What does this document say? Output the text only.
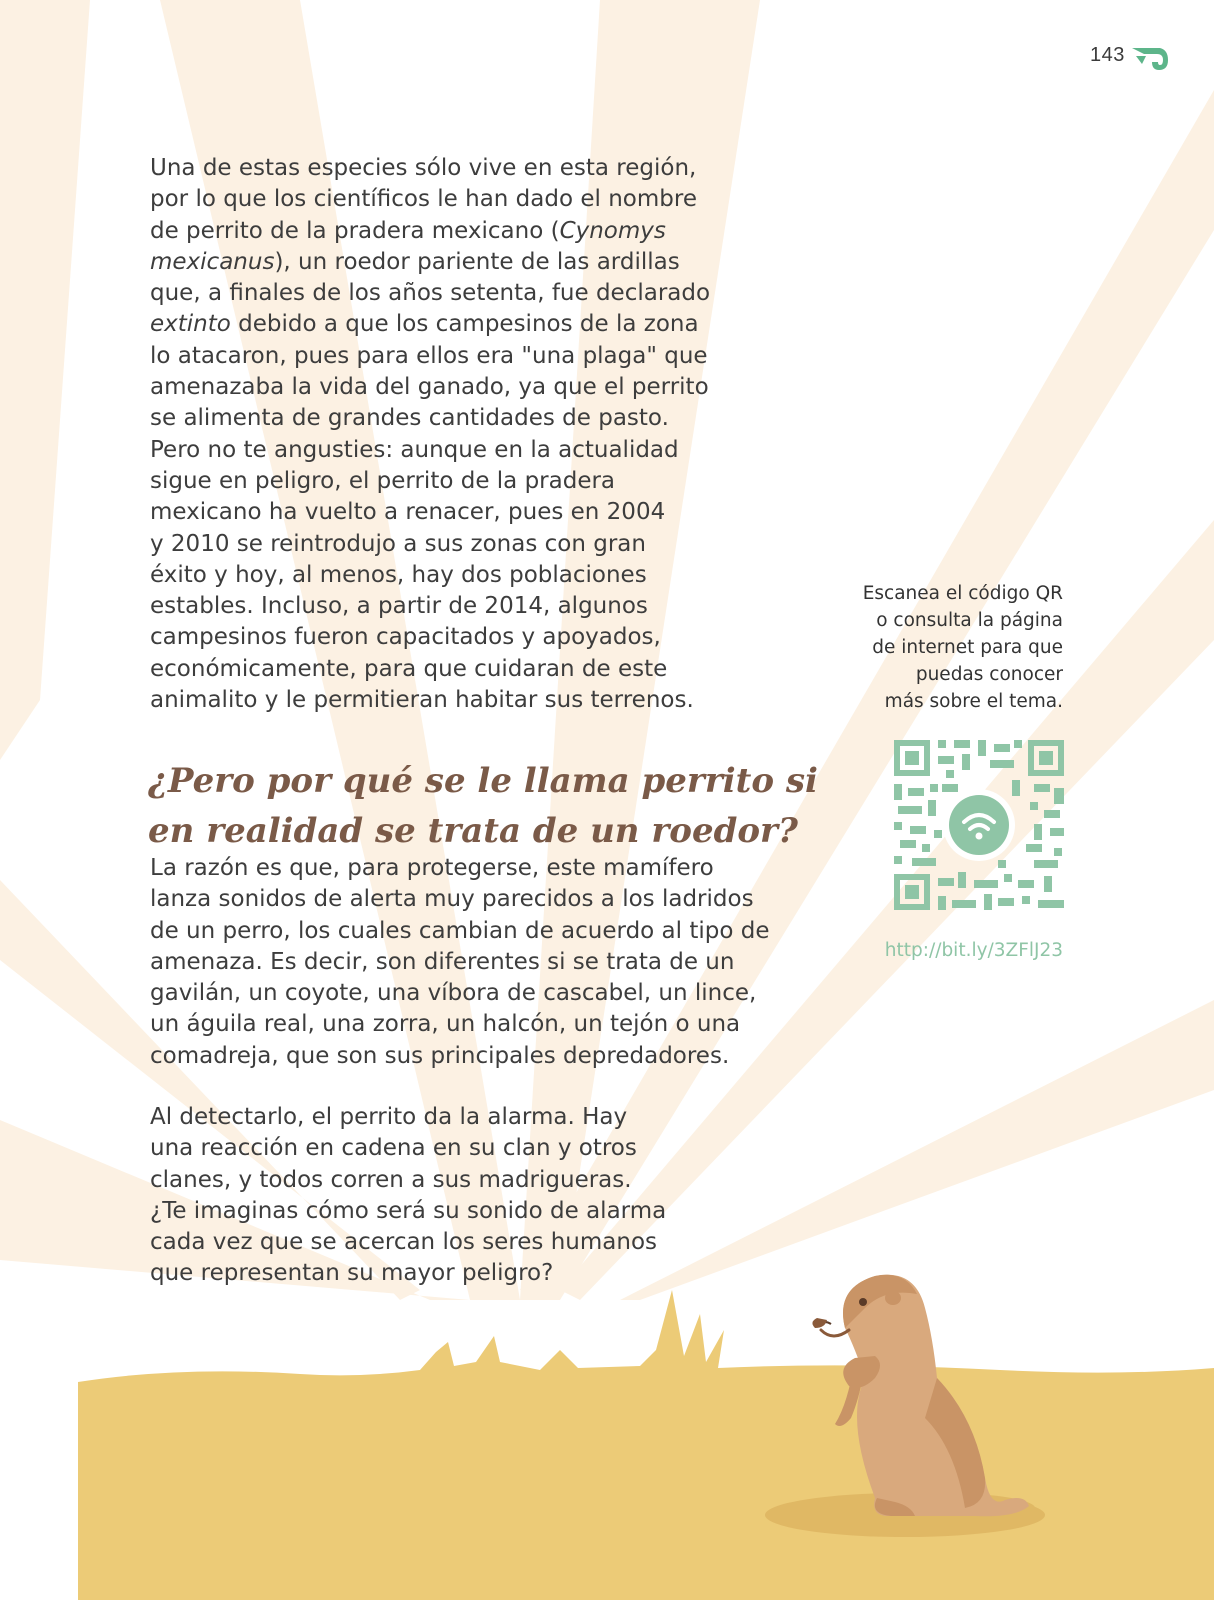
143

Una de estas especies sólo vive en esta región,
por lo que los científicos le han dado el nombre
de perrito de la pradera mexicano (Cynomys
mexicanus), un roedor pariente de las ardillas
que, a finales de los años setenta, fue declarado
extinto debido a que los campesinos de la zona
lo atacaron, pues para ellos era "una plaga" que
amenazaba la vida del ganado, ya que el perrito
se alimenta de grandes cantidades de pasto.
Pero no te angusties: aunque en la actualidad
sigue en peligro, el perrito de la pradera
mexicano ha vuelto a renacer, pues en 2004
y 2010 se reintrodujo a sus zonas con gran
éxito y hoy, al menos, hay dos poblaciones
estables. Incluso, a partir de 2014, algunos
campesinos fueron capacitados y apoyados,
económicamente, para que cuidaran de este
animalito y le permitieran habitar sus terrenos.

¿Pero por qué se le llama perrito si
en realidad se trata de un roedor?

La razón es que, para protegerse, este mamífero
lanza sonidos de alerta muy parecidos a los ladridos
de un perro, los cuales cambian de acuerdo al tipo de
amenaza. Es decir, son diferentes si se trata de un
gavilán, un coyote, una víbora de cascabel, un lince,
un águila real, una zorra, un halcón, un tejón o una
comadreja, que son sus principales depredadores.

Al detectarlo, el perrito da la alarma. Hay
una reacción en cadena en su clan y otros
clanes, y todos corren a sus madrigueras.
¿Te imaginas cómo será su sonido de alarma
cada vez que se acercan los seres humanos
que representan su mayor peligro?

Escanea el código QR
o consulta la página
de internet para que
puedas conocer
más sobre el tema.

http://bit.ly/3ZFlJ23
